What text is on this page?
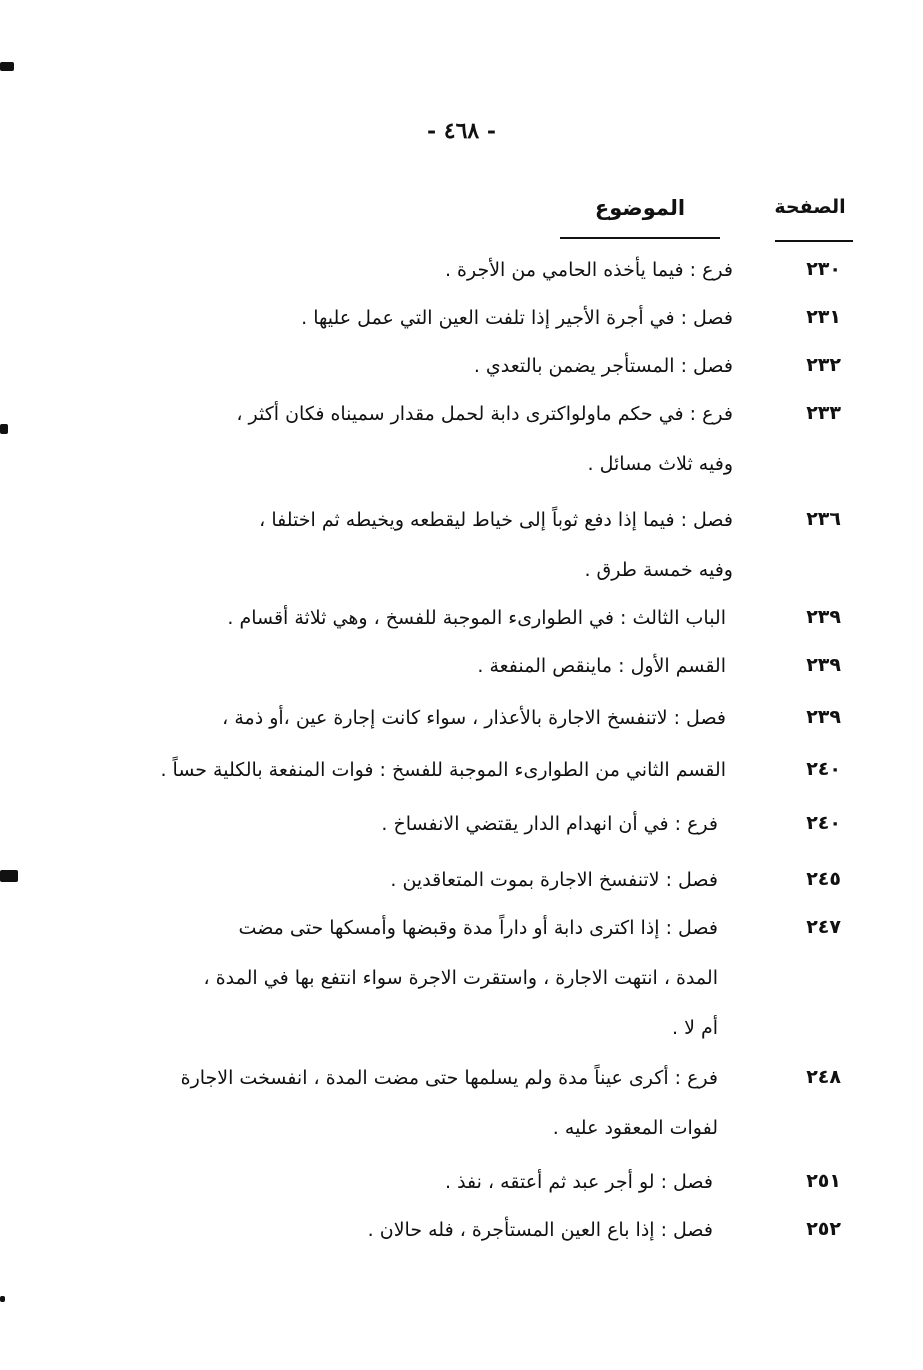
- ٤٦٨ -
الصفحة
الموضوع
٢٣٠
فرع : فيما يأخذه الحامي من الأجرة .
٢٣١
فصل : في أجرة الأجير إذا تلفت العين التي عمل عليها .
٢٣٢
فصل : المستأجر يضمن بالتعدي .
٢٣٣
فرع : في حكم ماولواكترى دابة لحمل مقدار سميناه فكان أكثر ،
وفيه ثلاث مسائل .
٢٣٦
فصل : فيما إذا دفع ثوباً إلى خياط ليقطعه ويخيطه ثم اختلفا ،
وفيه خمسة طرق .
٢٣٩
الباب الثالث : في الطوارىء الموجبة للفسخ ، وهي ثلاثة أقسام .
٢٣٩
القسم الأول : ماينقص المنفعة .
٢٣٩
فصل : لاتنفسخ الاجارة بالأعذار ، سواء كانت إجارة عين ،أو ذمة ،
٢٤٠
القسم الثاني من الطوارىء الموجبة للفسخ : فوات المنفعة بالكلية حساً .
٢٤٠
فرع : في أن انهدام الدار يقتضي الانفساخ .
٢٤٥
فصل : لاتنفسخ الاجارة بموت المتعاقدين .
٢٤٧
فصل : إذا اكترى دابة أو داراً مدة وقبضها وأمسكها حتى مضت
المدة ، انتهت الاجارة ، واستقرت الاجرة سواء انتفع بها في المدة ،
أم لا .
٢٤٨
فرع : أكرى عيناً مدة ولم يسلمها حتى مضت المدة ، انفسخت الاجارة
لفوات المعقود عليه .
٢٥١
فصل : لو أجر عبد ثم أعتقه ، نفذ .
٢٥٢
فصل : إذا باع العين المستأجرة ، فله حالان .
